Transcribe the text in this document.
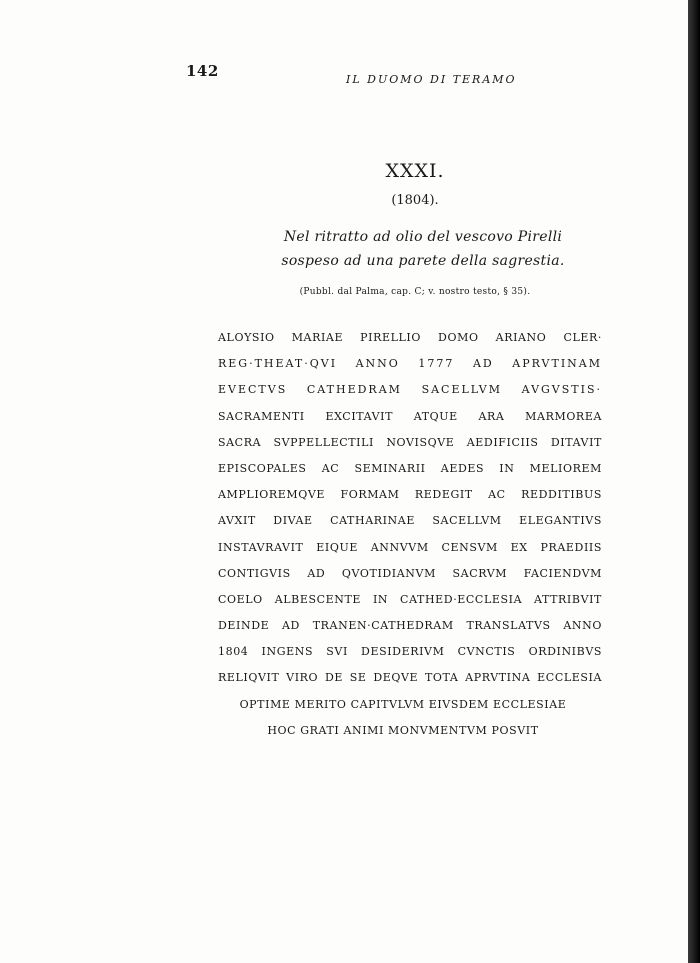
142	IL DUOMO DI TERAMO
XXXI.
(1804).
Nel ritratto ad olio del vescovo Pirelli
sospeso ad una parete della sagrestia.
(Pubbl. dal Palma, cap. C; v. nostro testo, § 35).
ALOYSIO MARIAE PIRELLIO DOMO ARIANO CLER·
REG·THEAT·QVI ANNO 1777 AD APRVTINAM
EVECTVS CATHEDRAM SACELLVM AVGVSTIS·
SACRAMENTI EXCITAVIT ATQUE ARA MARMOREA
SACRA SVPPELLECTILI NOVISQVE AEDIFICIIS DITAVIT
EPISCOPALES AC SEMINARII AEDES IN MELIOREM
AMPLIOREMQVE FORMAM REDEGIT AC REDDITIBUS
AVXIT DIVAE CATHARINAE SACELLVM ELEGANTIVS
INSTAVRAVIT EIQUE ANNVVM CENSVM EX PRAEDIIS
CONTIGVIS AD QVOTIDIANVM SACRVM FACIENDVM
COELO ALBESCENTE IN CATHED·ECCLESIA ATTRIBVIT
DEINDE AD TRANEN·CATHEDRAM TRANSLATVS ANNO
1804 INGENS SVI DESIDERIVM CVNCTIS ORDINIBVS
RELIQVIT VIRO DE SE DEQVE TOTA APRVTINA ECCLESIA
OPTIME MERITO CAPITVLVM EIVSDEM ECCLESIAE
HOC GRATI ANIMI MONVMENTVM POSVIT
